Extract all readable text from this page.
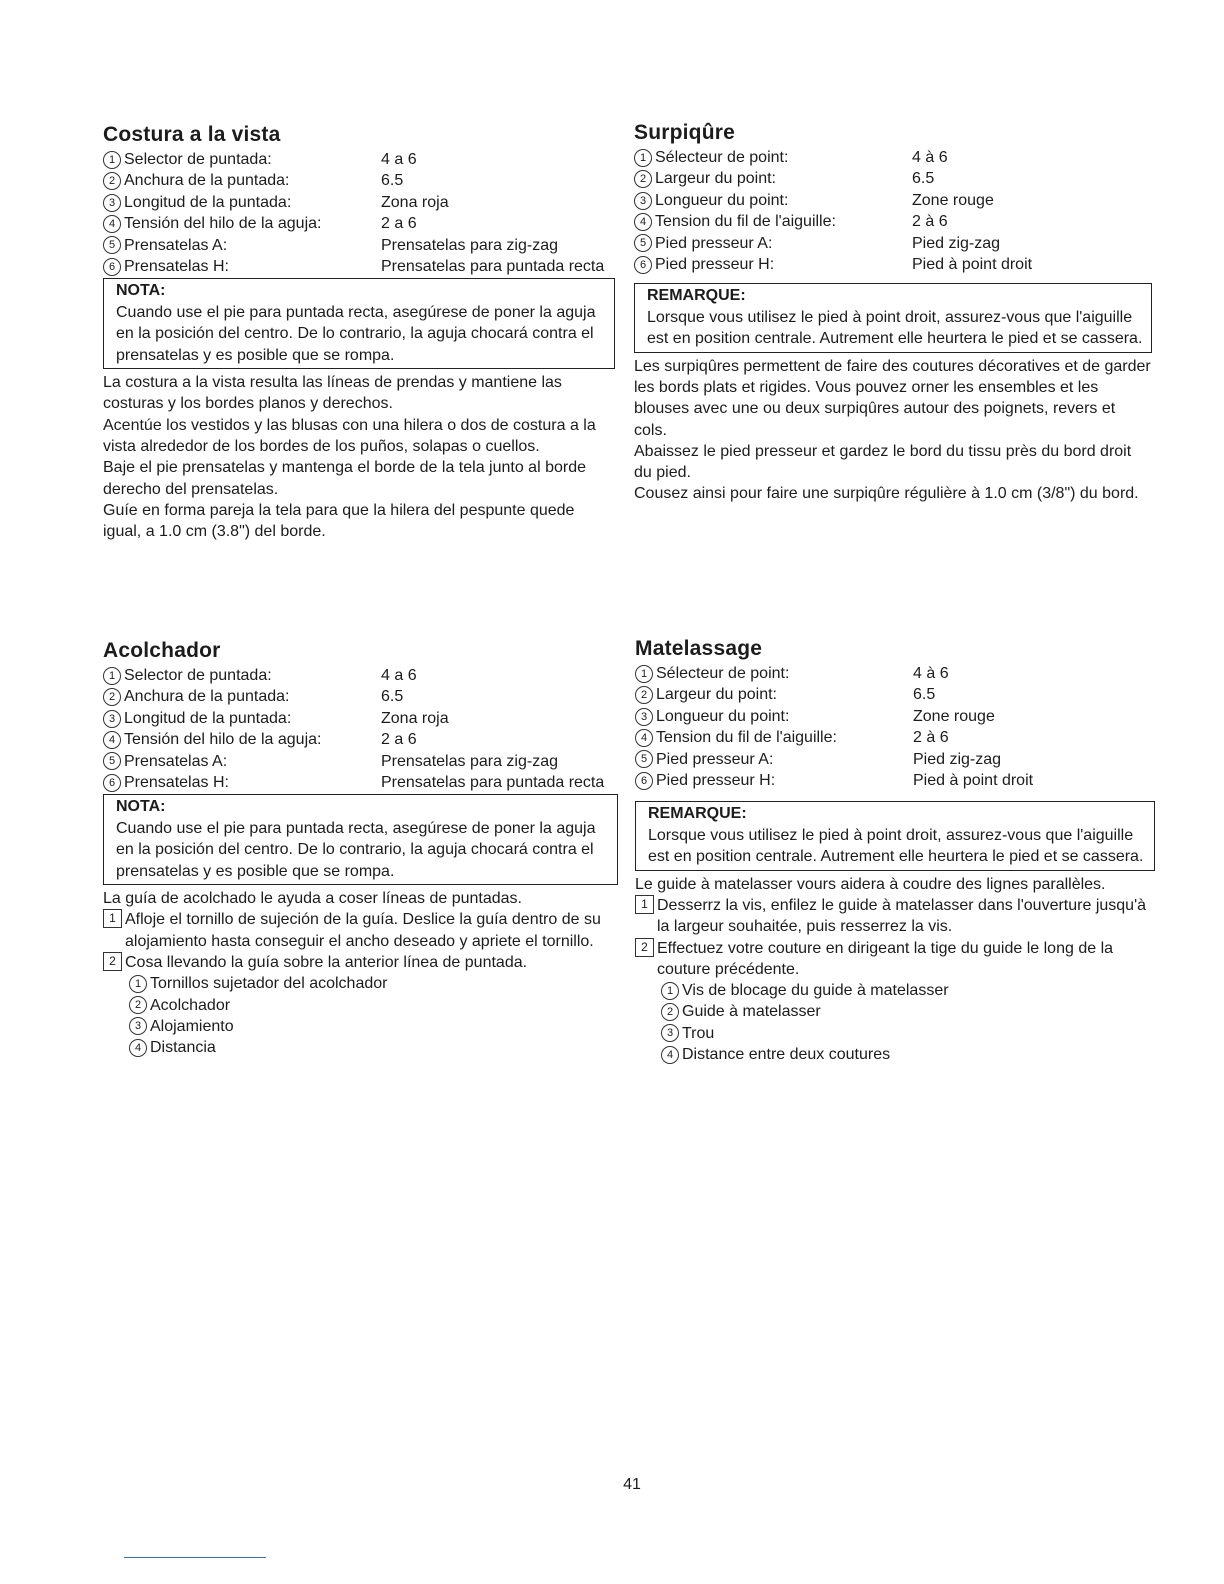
Costura a la vista
1 Selector de puntada:	4 a 6
2 Anchura de la puntada:	6.5
3 Longitud de la puntada:	Zona roja
4 Tensión del hilo de la aguja:	2 a 6
5 Prensatelas A:	Prensatelas para zig-zag
6 Prensatelas H:	Prensatelas para puntada recta
NOTA:
Cuando use el pie para puntada recta, asegúrese de poner la aguja en la posición del centro. De lo contrario, la aguja chocará contra el prensatelas y es posible que se rompa.

La costura a la vista resulta las líneas de prendas y mantiene las costuras y los bordes planos y derechos.

Acentúe los vestidos y las blusas con una hilera o dos de costura a la vista alrededor de los bordes de los puños, solapas o cuellos.

Baje el pie prensatelas y mantenga el borde de la tela junto al borde derecho del prensatelas.

Guíe en forma pareja la tela para que la hilera del pespunte quede igual, a 1.0 cm (3.8") del borde.

Surpiqûre
1 Sélecteur de point:	4 à 6
2 Largeur du point:	6.5
3 Longueur du point:	Zone rouge
4 Tension du fil de l'aiguille:	2 à 6
5 Pied presseur A:	Pied zig-zag
6 Pied presseur H:	Pied à point droit
REMARQUE:
Lorsque vous utilisez le pied à point droit, assurez-vous que l'aiguille est en position centrale. Autrement elle heurtera le pied et se cassera.

Les surpiqûres permettent de faire des coutures décoratives et de garder les bords plats et rigides. Vous pouvez orner les ensembles et les blouses avec une ou deux surpiqûres autour des poignets, revers et cols.

Abaissez le pied presseur et gardez le bord du tissu près du bord droit du pied.

Cousez ainsi pour faire une surpiqûre régulière à 1.0 cm (3/8") du bord.

Acolchador
1 Selector de puntada:	4 a 6
2 Anchura de la puntada:	6.5
3 Longitud de la puntada:	Zona roja
4 Tensión del hilo de la aguja:	2 a 6
5 Prensatelas A:	Prensatelas para zig-zag
6 Prensatelas H:	Prensatelas para puntada recta
NOTA:
Cuando use el pie para puntada recta, asegúrese de poner la aguja en la posición del centro. De lo contrario, la aguja chocará contra el prensatelas y es posible que se rompa.

La guía de acolchado le ayuda a coser líneas de puntadas.

1 Afloje el tornillo de sujeción de la guía. Deslice la guía dentro de su alojamiento hasta conseguir el ancho deseado y apriete el tornillo.
2 Cosa llevando la guía sobre la anterior línea de puntada.
1 Tornillos sujetador del acolchador
2 Acolchador
3 Alojamiento
4 Distancia
Matelassage
1 Sélecteur de point:	4 à 6
2 Largeur du point:	6.5
3 Longueur du point:	Zone rouge
4 Tension du fil de l'aiguille:	2 à 6
5 Pied presseur A:	Pied zig-zag
6 Pied presseur H:	Pied à point droit
REMARQUE:
Lorsque vous utilisez le pied à point droit, assurez-vous que l'aiguille est en position centrale. Autrement elle heurtera le pied et se cassera.

Le guide à matelasser vours aidera à coudre des lignes parallèles.

1 Desserrz la vis, enfilez le guide à matelasser dans l'ouverture jusqu'à la largeur souhaitée, puis resserrez la vis.
2 Effectuez votre couture en dirigeant la tige du guide le long de la couture précédente.
1 Vis de blocage du guide à matelasser
2 Guide à matelasser
3 Trou
4 Distance entre deux coutures
41
